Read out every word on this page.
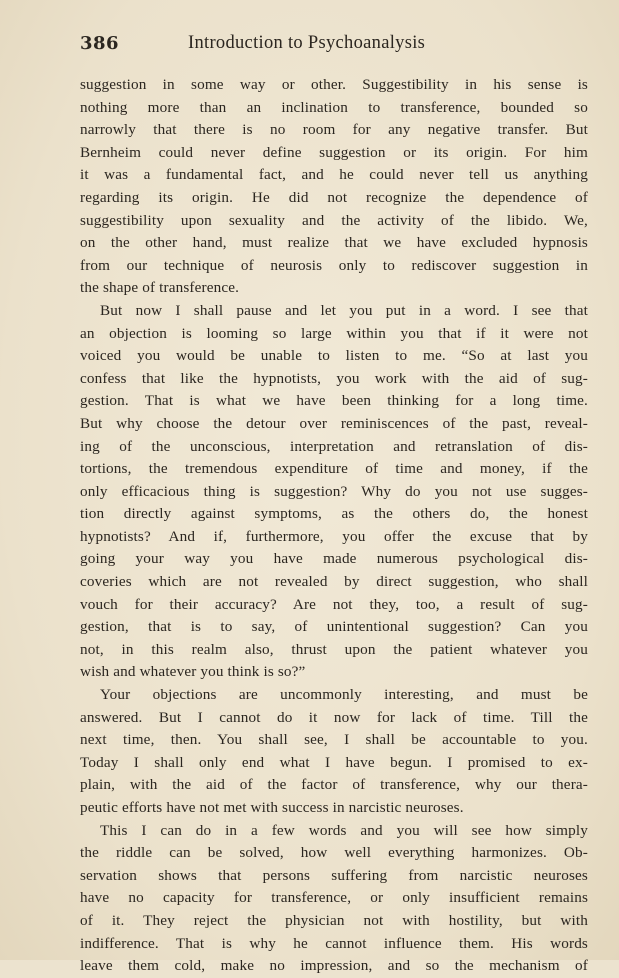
386	Introduction to Psychoanalysis
suggestion in some way or other. Suggestibility in his sense is
nothing more than an inclination to transference, bounded so
narrowly that there is no room for any negative transfer. But
Bernheim could never define suggestion or its origin. For him
it was a fundamental fact, and he could never tell us anything
regarding its origin. He did not recognize the dependence of
suggestibility upon sexuality and the activity of the libido. We,
on the other hand, must realize that we have excluded hypnosis
from our technique of neurosis only to rediscover suggestion in
the shape of transference.
But now I shall pause and let you put in a word. I see that
an objection is looming so large within you that if it were not
voiced you would be unable to listen to me. “So at last you
confess that like the hypnotists, you work with the aid of sug-
gestion. That is what we have been thinking for a long time.
But why choose the detour over reminiscences of the past, reveal-
ing of the unconscious, interpretation and retranslation of dis-
tortions, the tremendous expenditure of time and money, if the
only efficacious thing is suggestion? Why do you not use sugges-
tion directly against symptoms, as the others do, the honest
hypnotists? And if, furthermore, you offer the excuse that by
going your way you have made numerous psychological dis-
coveries which are not revealed by direct suggestion, who shall
vouch for their accuracy? Are not they, too, a result of sug-
gestion, that is to say, of unintentional suggestion? Can you
not, in this realm also, thrust upon the patient whatever you
wish and whatever you think is so?”
Your objections are uncommonly interesting, and must be
answered. But I cannot do it now for lack of time. Till the
next time, then. You shall see, I shall be accountable to you.
Today I shall only end what I have begun. I promised to ex-
plain, with the aid of the factor of transference, why our thera-
peutic efforts have not met with success in narcistic neuroses.
This I can do in a few words and you will see how simply
the riddle can be solved, how well everything harmonizes. Ob-
servation shows that persons suffering from narcistic neuroses
have no capacity for transference, or only insufficient remains
of it. They reject the physician not with hostility, but with
indifference. That is why he cannot influence them. His words
leave them cold, make no impression, and so the mechanism of
